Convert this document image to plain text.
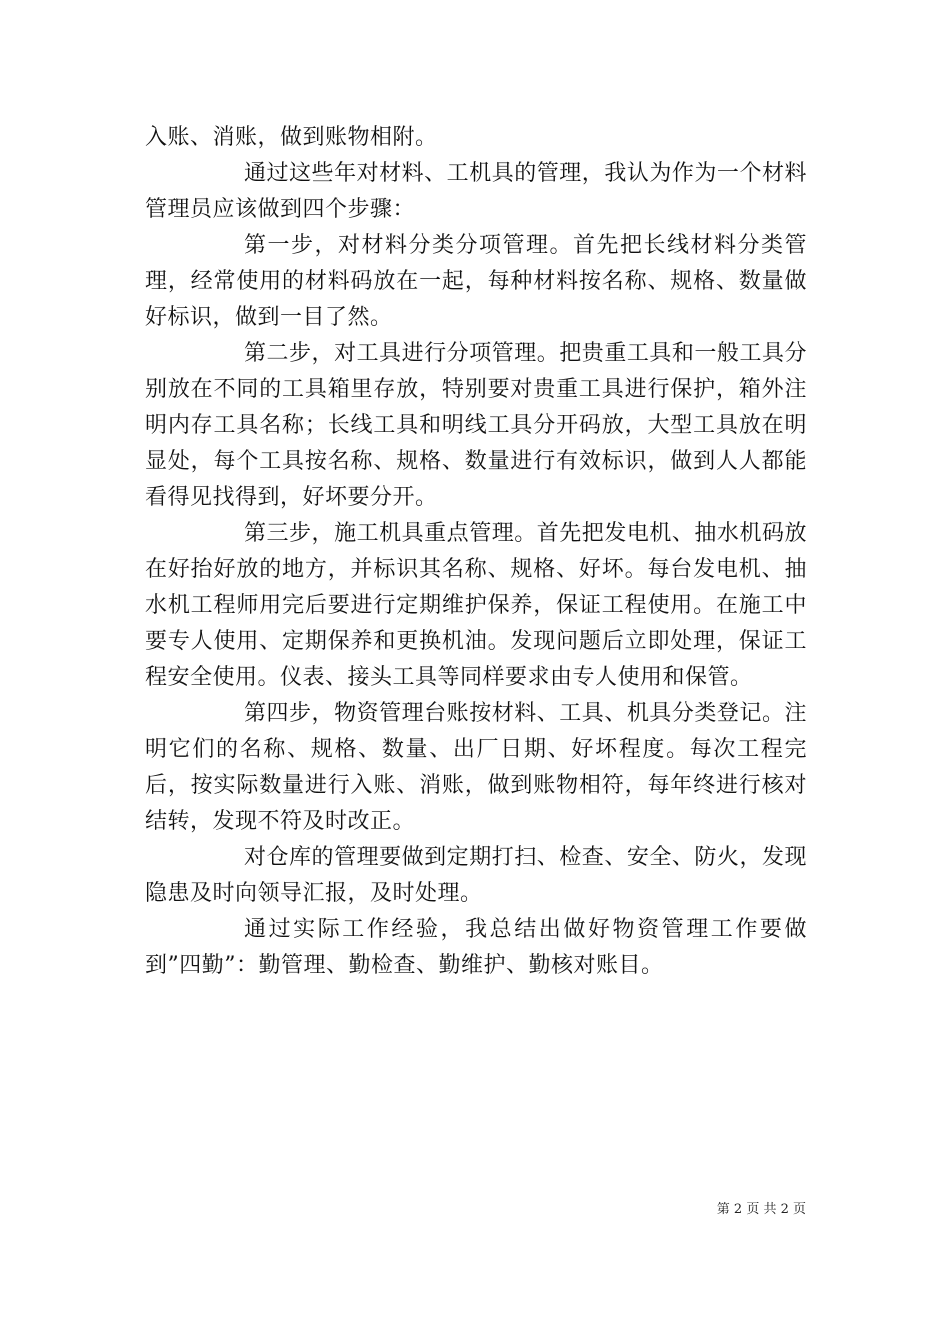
入账、消账，做到账物相附。

通过这些年对材料、工机具的管理，我认为作为一个材料管理员应该做到四个步骤：

第一步，对材料分类分项管理。首先把长线材料分类管理，经常使用的材料码放在一起，每种材料按名称、规格、数量做好标识，做到一目了然。

第二步，对工具进行分项管理。把贵重工具和一般工具分别放在不同的工具箱里存放，特别要对贵重工具进行保护，箱外注明内存工具名称；长线工具和明线工具分开码放，大型工具放在明显处，每个工具按名称、规格、数量进行有效标识，做到人人都能看得见找得到，好坏要分开。

第三步，施工机具重点管理。首先把发电机、抽水机码放在好抬好放的地方，并标识其名称、规格、好坏。每台发电机、抽水机工程师用完后要进行定期维护保养，保证工程使用。在施工中要专人使用、定期保养和更换机油。发现问题后立即处理，保证工程安全使用。仪表、接头工具等同样要求由专人使用和保管。

第四步，物资管理台账按材料、工具、机具分类登记。注明它们的名称、规格、数量、出厂日期、好坏程度。每次工程完后，按实际数量进行入账、消账，做到账物相符，每年终进行核对结转，发现不符及时改正。

对仓库的管理要做到定期打扫、检查、安全、防火，发现隐患及时向领导汇报，及时处理。

通过实际工作经验，我总结出做好物资管理工作要做到”四勤”：勤管理、勤检查、勤维护、勤核对账目。

第 2 页 共 2 页
